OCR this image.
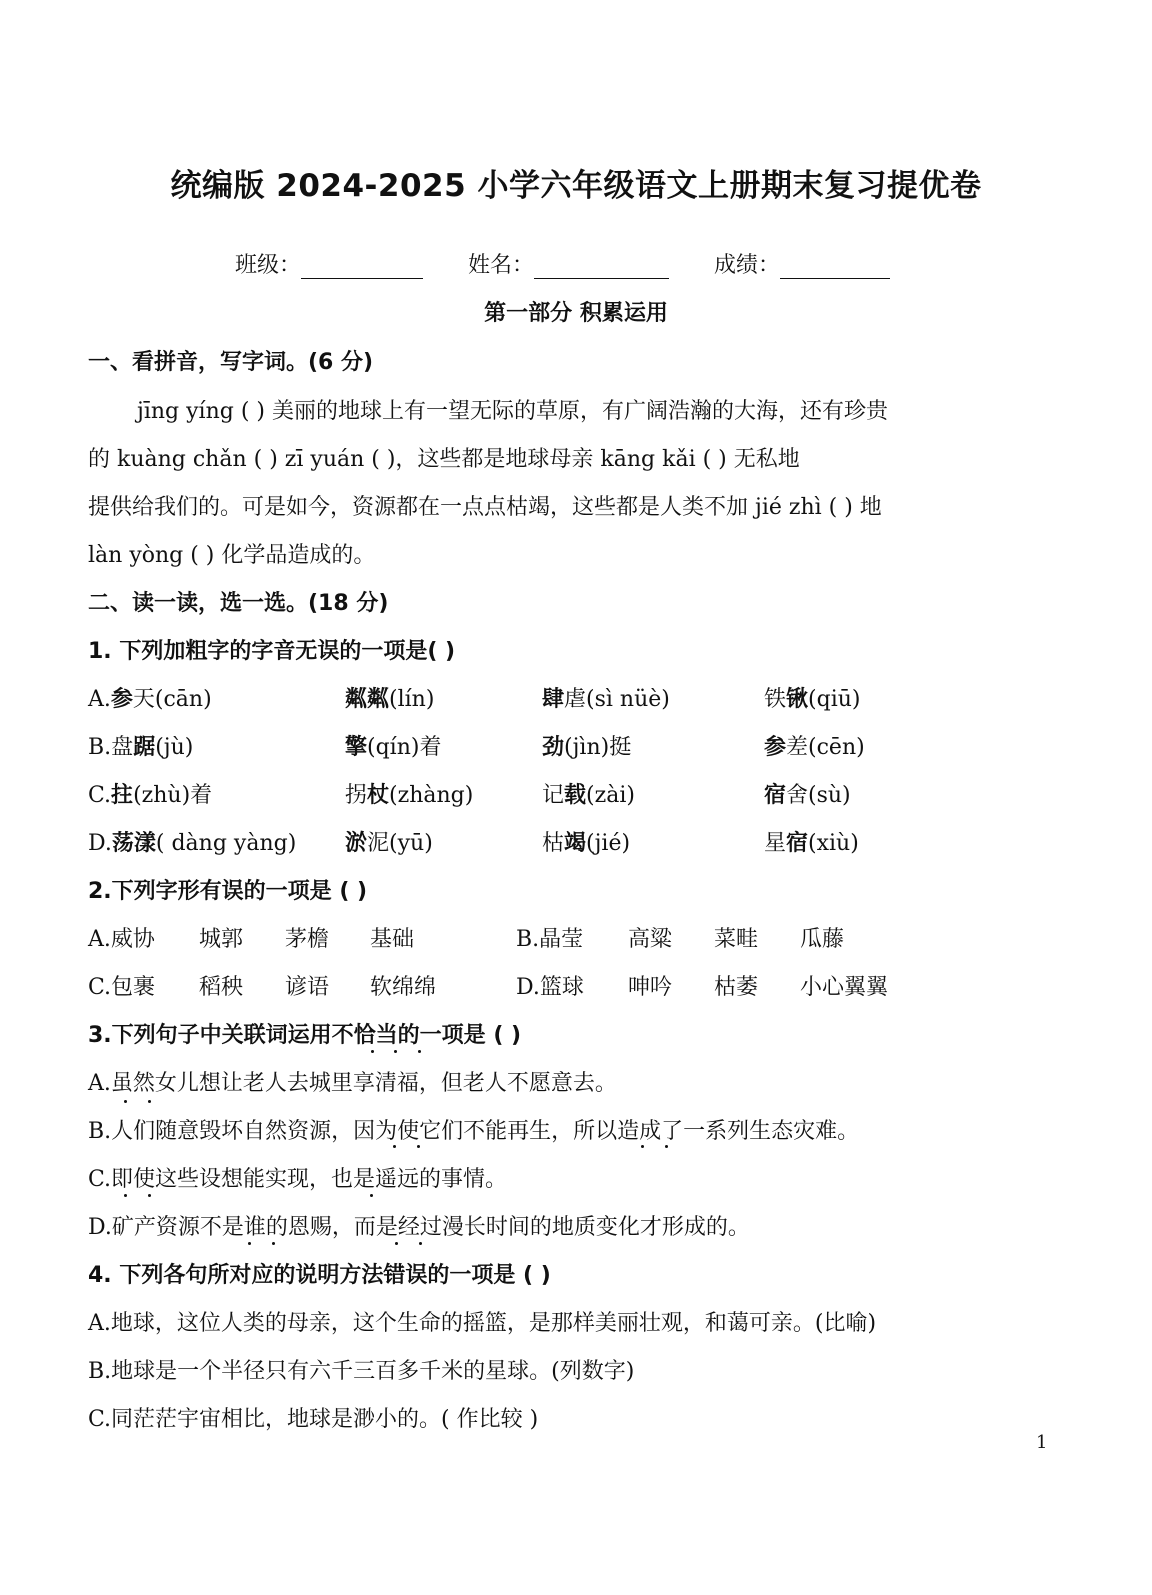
统编版 2024-2025 小学六年级语文上册期末复习提优卷
班级：	姓名：	成绩：
第一部分 积累运用
一、看拼音，写字词。(6 分)
jīng yíng ( ) 美丽的地球上有一望无际的草原，有广阔浩瀚的大海，还有珍贵
的 kuàng chǎn ( ) zī yuán ( )，这些都是地球母亲 kāng kǎi ( ) 无私地
提供给我们的。可是如今，资源都在一点点枯竭，这些都是人类不加 jié zhì ( ) 地
làn yòng ( ) 化学品造成的。
二、读一读，选一选。(18 分)
1. 下列加粗字的字音无误的一项是( )
A.参天(cān)	粼粼(lín)	肆虐(sì nüè)	铁锹(qiū)
B.盘踞(jù)	擎(qín)着	劲(jìn)挺	参差(cēn)
C.拄(zhù)着	拐杖(zhàng)	记载(zài)	宿舍(sù)
D.荡漾( dàng yàng) 淤泥(yū)	枯竭(jié)	星宿(xiù)
2.下列字形有误的一项是 ( )
A.威协 城郭 茅檐 基础	B.晶莹 高粱 菜畦 瓜藤
C.包裹 稻秧 谚语 软绵绵	D.篮球 呻吟 枯萎 小心翼翼
3.下列句子中关联词运用不恰当的一项是 ( )
A.虽然女儿想让老人去城里享清福，但老人不愿意去。
B.人们随意毁坏自然资源，因为使它们不能再生，所以造成了一系列生态灾难。
C.即使这些设想能实现，也是遥远的事情。
D.矿产资源不是谁的恩赐，而是经过漫长时间的地质变化才形成的。
4. 下列各句所对应的说明方法错误的一项是 ( )
A.地球，这位人类的母亲，这个生命的摇篮，是那样美丽壮观，和蔼可亲。(比喻)
B.地球是一个半径只有六千三百多千米的星球。(列数字)
C.同茫茫宇宙相比，地球是渺小的。( 作比较 )
1
